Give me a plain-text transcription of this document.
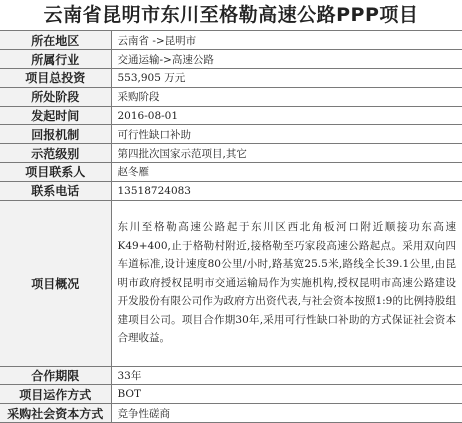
云南省昆明市东川至格勒高速公路PPP项目
所在地区	云南省 ->昆明市
所属行业	交通运输->高速公路
项目总投资	553,905 万元
所处阶段	采购阶段
发起时间	2016-08-01
回报机制	可行性缺口补助
示范级别	第四批次国家示范项目,其它
项目联系人	赵冬雁
联系电话	13518724083
项目概况	东川至格勒高速公路起于东川区西北角板河口附近顺接功东高速K49+400,止于格勒村附近,接格勒至巧家段高速公路起点。采用双向四车道标准,设计速度80公里/小时,路基宽25.5米,路线全长39.1公里,由昆明市政府授权昆明市交通运输局作为实施机构,授权昆明市高速公路建设开发股份有限公司作为政府方出资代表,与社会资本按照1:9的比例持股组建项目公司。项目合作期30年,采用可行性缺口补助的方式保证社会资本合理收益。
合作期限	33年
项目运作方式	BOT
采购社会资本方式	竞争性磋商
